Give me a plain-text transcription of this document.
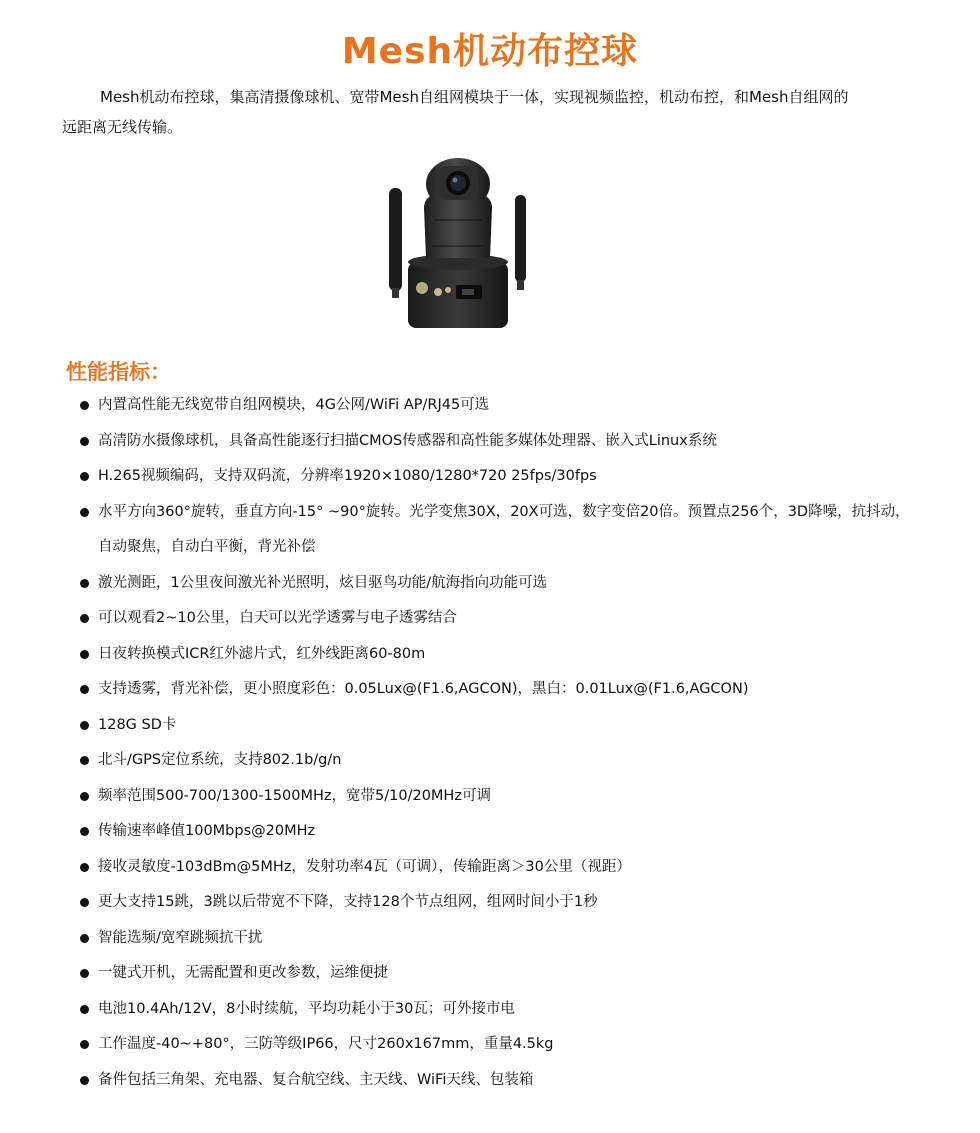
Mesh机动布控球

Mesh机动布控球，集高清摄像球机、宽带Mesh自组网模块于一体，实现视频监控，机动布控，和Mesh自组网的远距离无线传输。

性能指标：
内置高性能无线宽带自组网模块，4G公网/WiFi AP/RJ45可选
高清防水摄像球机，具备高性能逐行扫描CMOS传感器和高性能多媒体处理器、嵌入式Linux系统
H.265视频编码，支持双码流，分辨率1920×1080/1280*720 25fps/30fps
水平方向360°旋转，垂直方向-15° ~90°旋转。光学变焦30X，20X可选，数字变倍20倍。预置点256个，3D降噪，抗抖动，自动聚焦，自动白平衡，背光补偿
激光测距，1公里夜间激光补光照明，炫目驱鸟功能/航海指向功能可选
可以观看2~10公里，白天可以光学透雾与电子透雾结合
日夜转换模式ICR红外滤片式，红外线距离60-80m
支持透雾，背光补偿，更小照度彩色：0.05Lux@(F1.6,AGCON)，黑白：0.01Lux@(F1.6,AGCON)
128G SD卡
北斗/GPS定位系统，支持802.1b/g/n
频率范围500-700/1300-1500MHz，宽带5/10/20MHz可调
传输速率峰值100Mbps@20MHz
接收灵敏度-103dBm@5MHz，发射功率4瓦（可调），传输距离＞30公里（视距）
更大支持15跳，3跳以后带宽不下降，支持128个节点组网，组网时间小于1秒
智能选频/宽窄跳频抗干扰
一键式开机，无需配置和更改参数，运维便捷
电池10.4Ah/12V，8小时续航，平均功耗小于30瓦；可外接市电
工作温度-40~+80°，三防等级IP66，尺寸260x167mm，重量4.5kg
备件包括三角架、充电器、复合航空线、主天线、WiFi天线、包装箱
